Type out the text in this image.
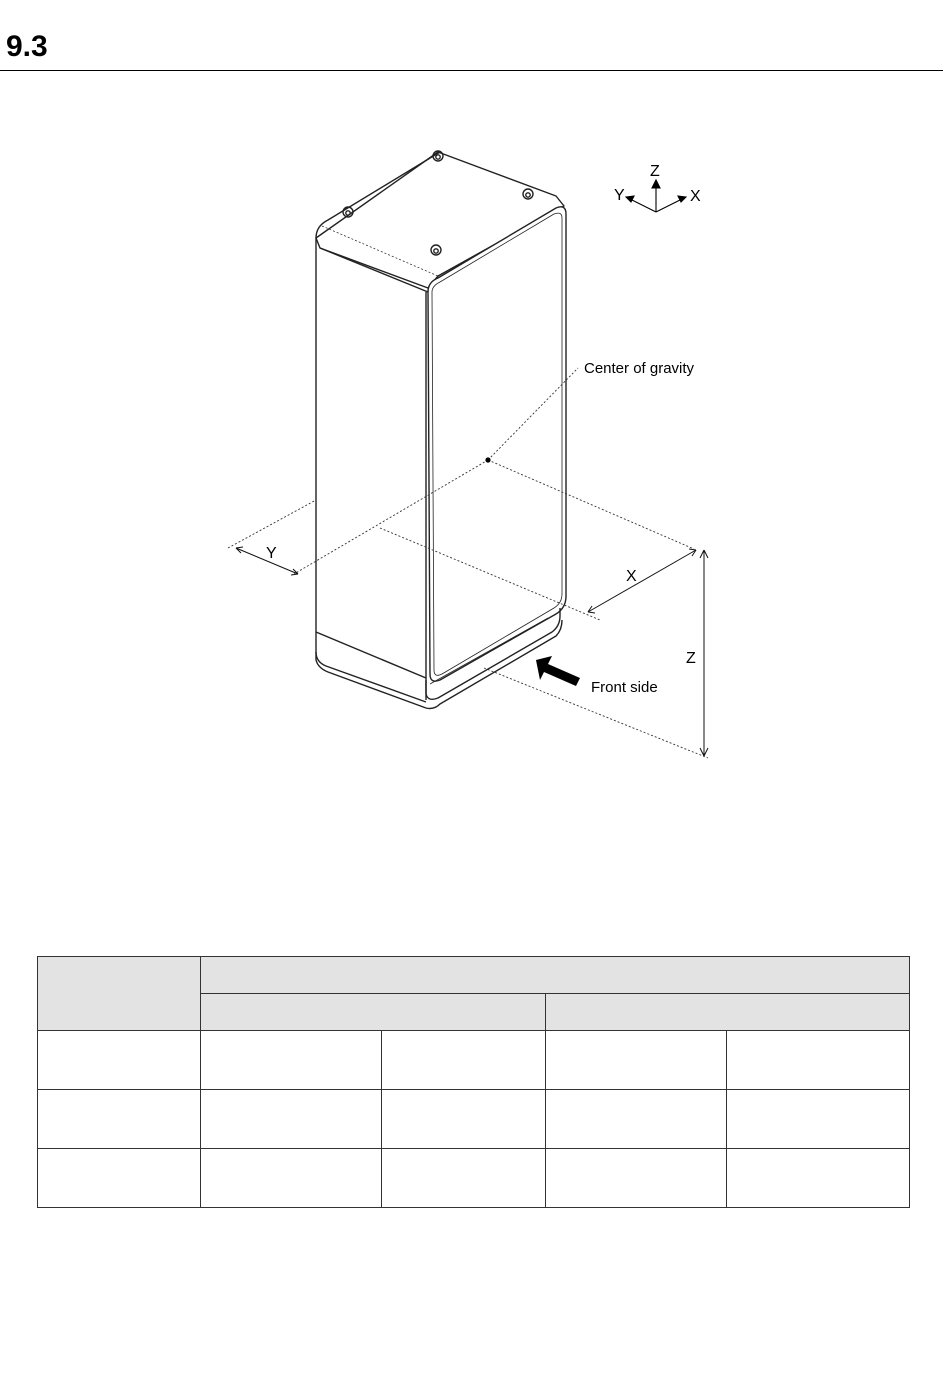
9.3
Z
Y	X
Center of gravity
Front side
Y
X
Z
